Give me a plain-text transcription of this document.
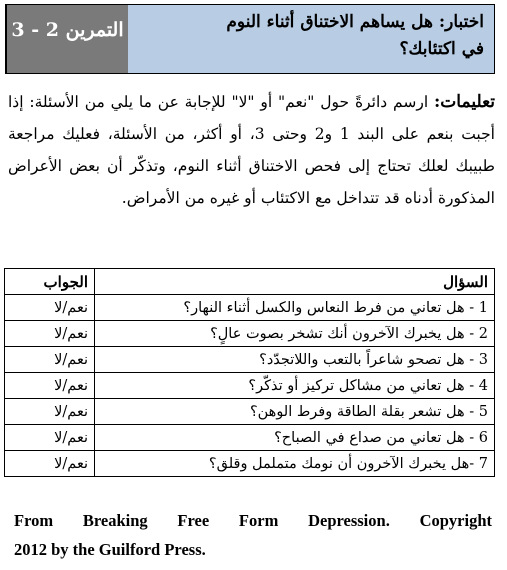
التمرين 2 - 3	اختبار: هل يساهم الاختناق أثناء النوم
في اكتئابك؟
تعليمات: ارسم دائرةً حول "نعم" أو "لا" للإجابة عن ما يلي من الأسئلة: إذا أجبت بنعم على البند 1 و2 وحتى 3، أو أكثر، من الأسئلة، فعليك مراجعة طبيبك لعلك تحتاج إلى فحص الاختناق أثناء النوم، وتذكّر أن بعض الأعراض المذكورة أدناه قد تتداخل مع الاكتئاب أو غيره من الأمراض.
السؤال	الجواب
1 - هل تعاني من فرط النعاس والكسل أثناء النهار؟	نعم/لا
2 - هل يخبرك الآخرون أنك تشخر بصوت عالٍ؟	نعم/لا
3 - هل تصحو شاعراً بالتعب واللاتجدّد؟	نعم/لا
4 - هل تعاني من مشاكل تركيز أو تذكّر؟	نعم/لا
5 - هل تشعر بقلة الطاقة وفرط الوهن؟	نعم/لا
6 - هل تعاني من صداع في الصباح؟	نعم/لا
7 -هل يخبرك الآخرون أن نومك متململ وقلق؟	نعم/لا
From Breaking Free Form Depression. Copyright
2012 by the Guilford Press.
